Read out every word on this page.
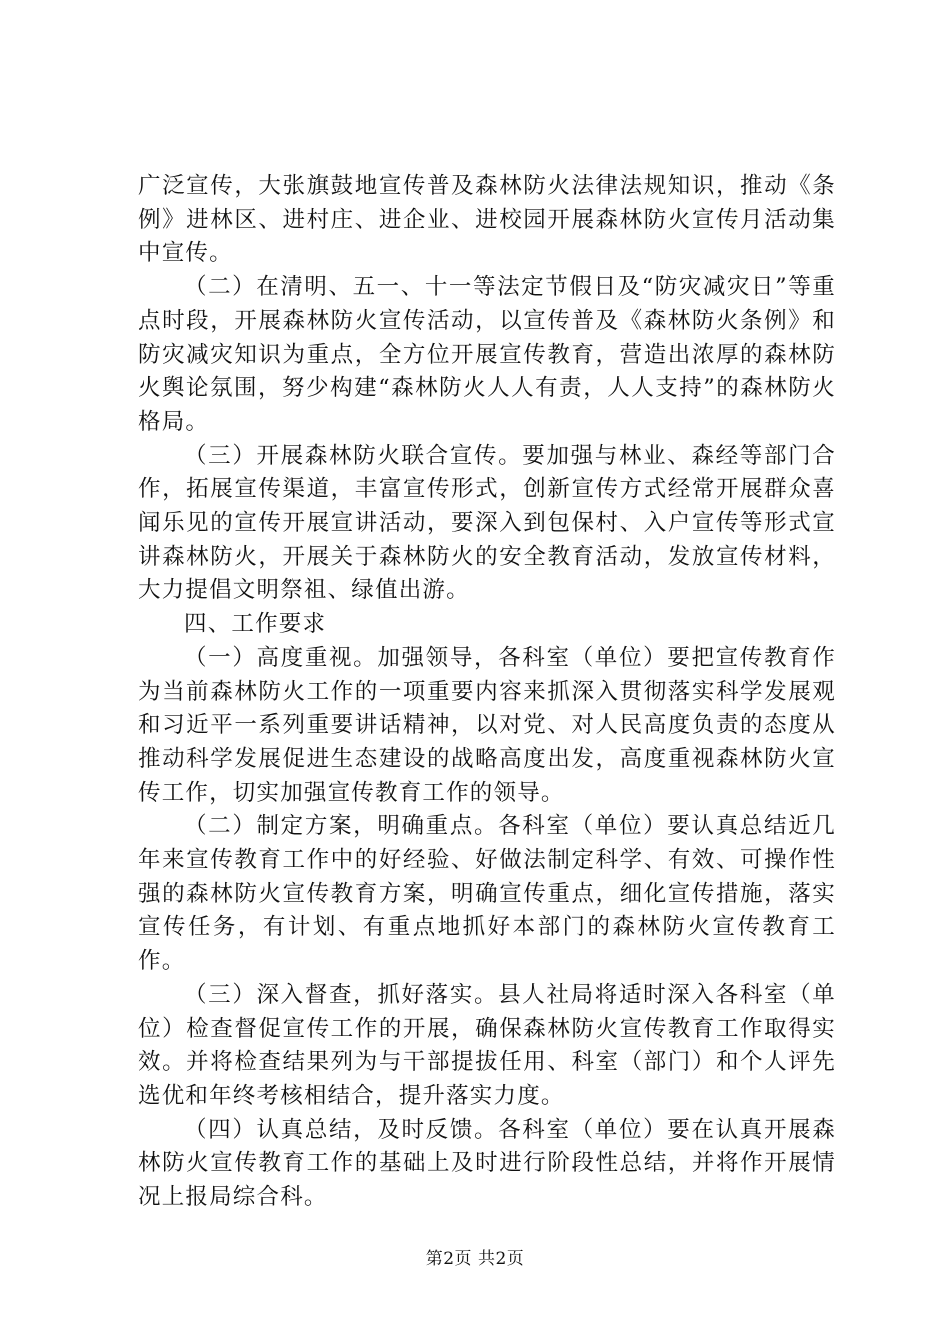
广泛宣传，大张旗鼓地宣传普及森林防火法律法规知识，推动《条例》进林区、进村庄、进企业、进校园开展森林防火宣传月活动集中宣传。

（二）在清明、五一、十一等法定节假日及“防灾减灾日”等重点时段，开展森林防火宣传活动，以宣传普及《森林防火条例》和防灾减灾知识为重点，全方位开展宣传教育，营造出浓厚的森林防火舆论氛围，努少构建“森林防火人人有责，人人支持”的森林防火格局。

（三）开展森林防火联合宣传。要加强与林业、森经等部门合作，拓展宣传渠道，丰富宣传形式，创新宣传方式经常开展群众喜闻乐见的宣传开展宣讲活动，要深入到包保村、入户宣传等形式宣讲森林防火，开展关于森林防火的安全教育活动，发放宣传材料，大力提倡文明祭祖、绿值出游。

四、工作要求

（一）高度重视。加强领导，各科室（单位）要把宣传教育作为当前森林防火工作的一项重要内容来抓深入贯彻落实科学发展观和习近平一系列重要讲话精神，以对党、对人民高度负责的态度从推动科学发展促进生态建设的战略高度出发，高度重视森林防火宣传工作，切实加强宣传教育工作的领导。

（二）制定方案，明确重点。各科室（单位）要认真总结近几年来宣传教育工作中的好经验、好做法制定科学、有效、可操作性强的森林防火宣传教育方案，明确宣传重点，细化宣传措施，落实宣传任务，有计划、有重点地抓好本部门的森林防火宣传教育工作。

（三）深入督查，抓好落实。县人社局将适时深入各科室（单位）检查督促宣传工作的开展，确保森林防火宣传教育工作取得实效。并将检查结果列为与干部提拔任用、科室（部门）和个人评先选优和年终考核相结合，提升落实力度。

（四）认真总结，及时反馈。各科室（单位）要在认真开展森林防火宣传教育工作的基础上及时进行阶段性总结，并将作开展情况上报局综合科。

第2页 共2页
